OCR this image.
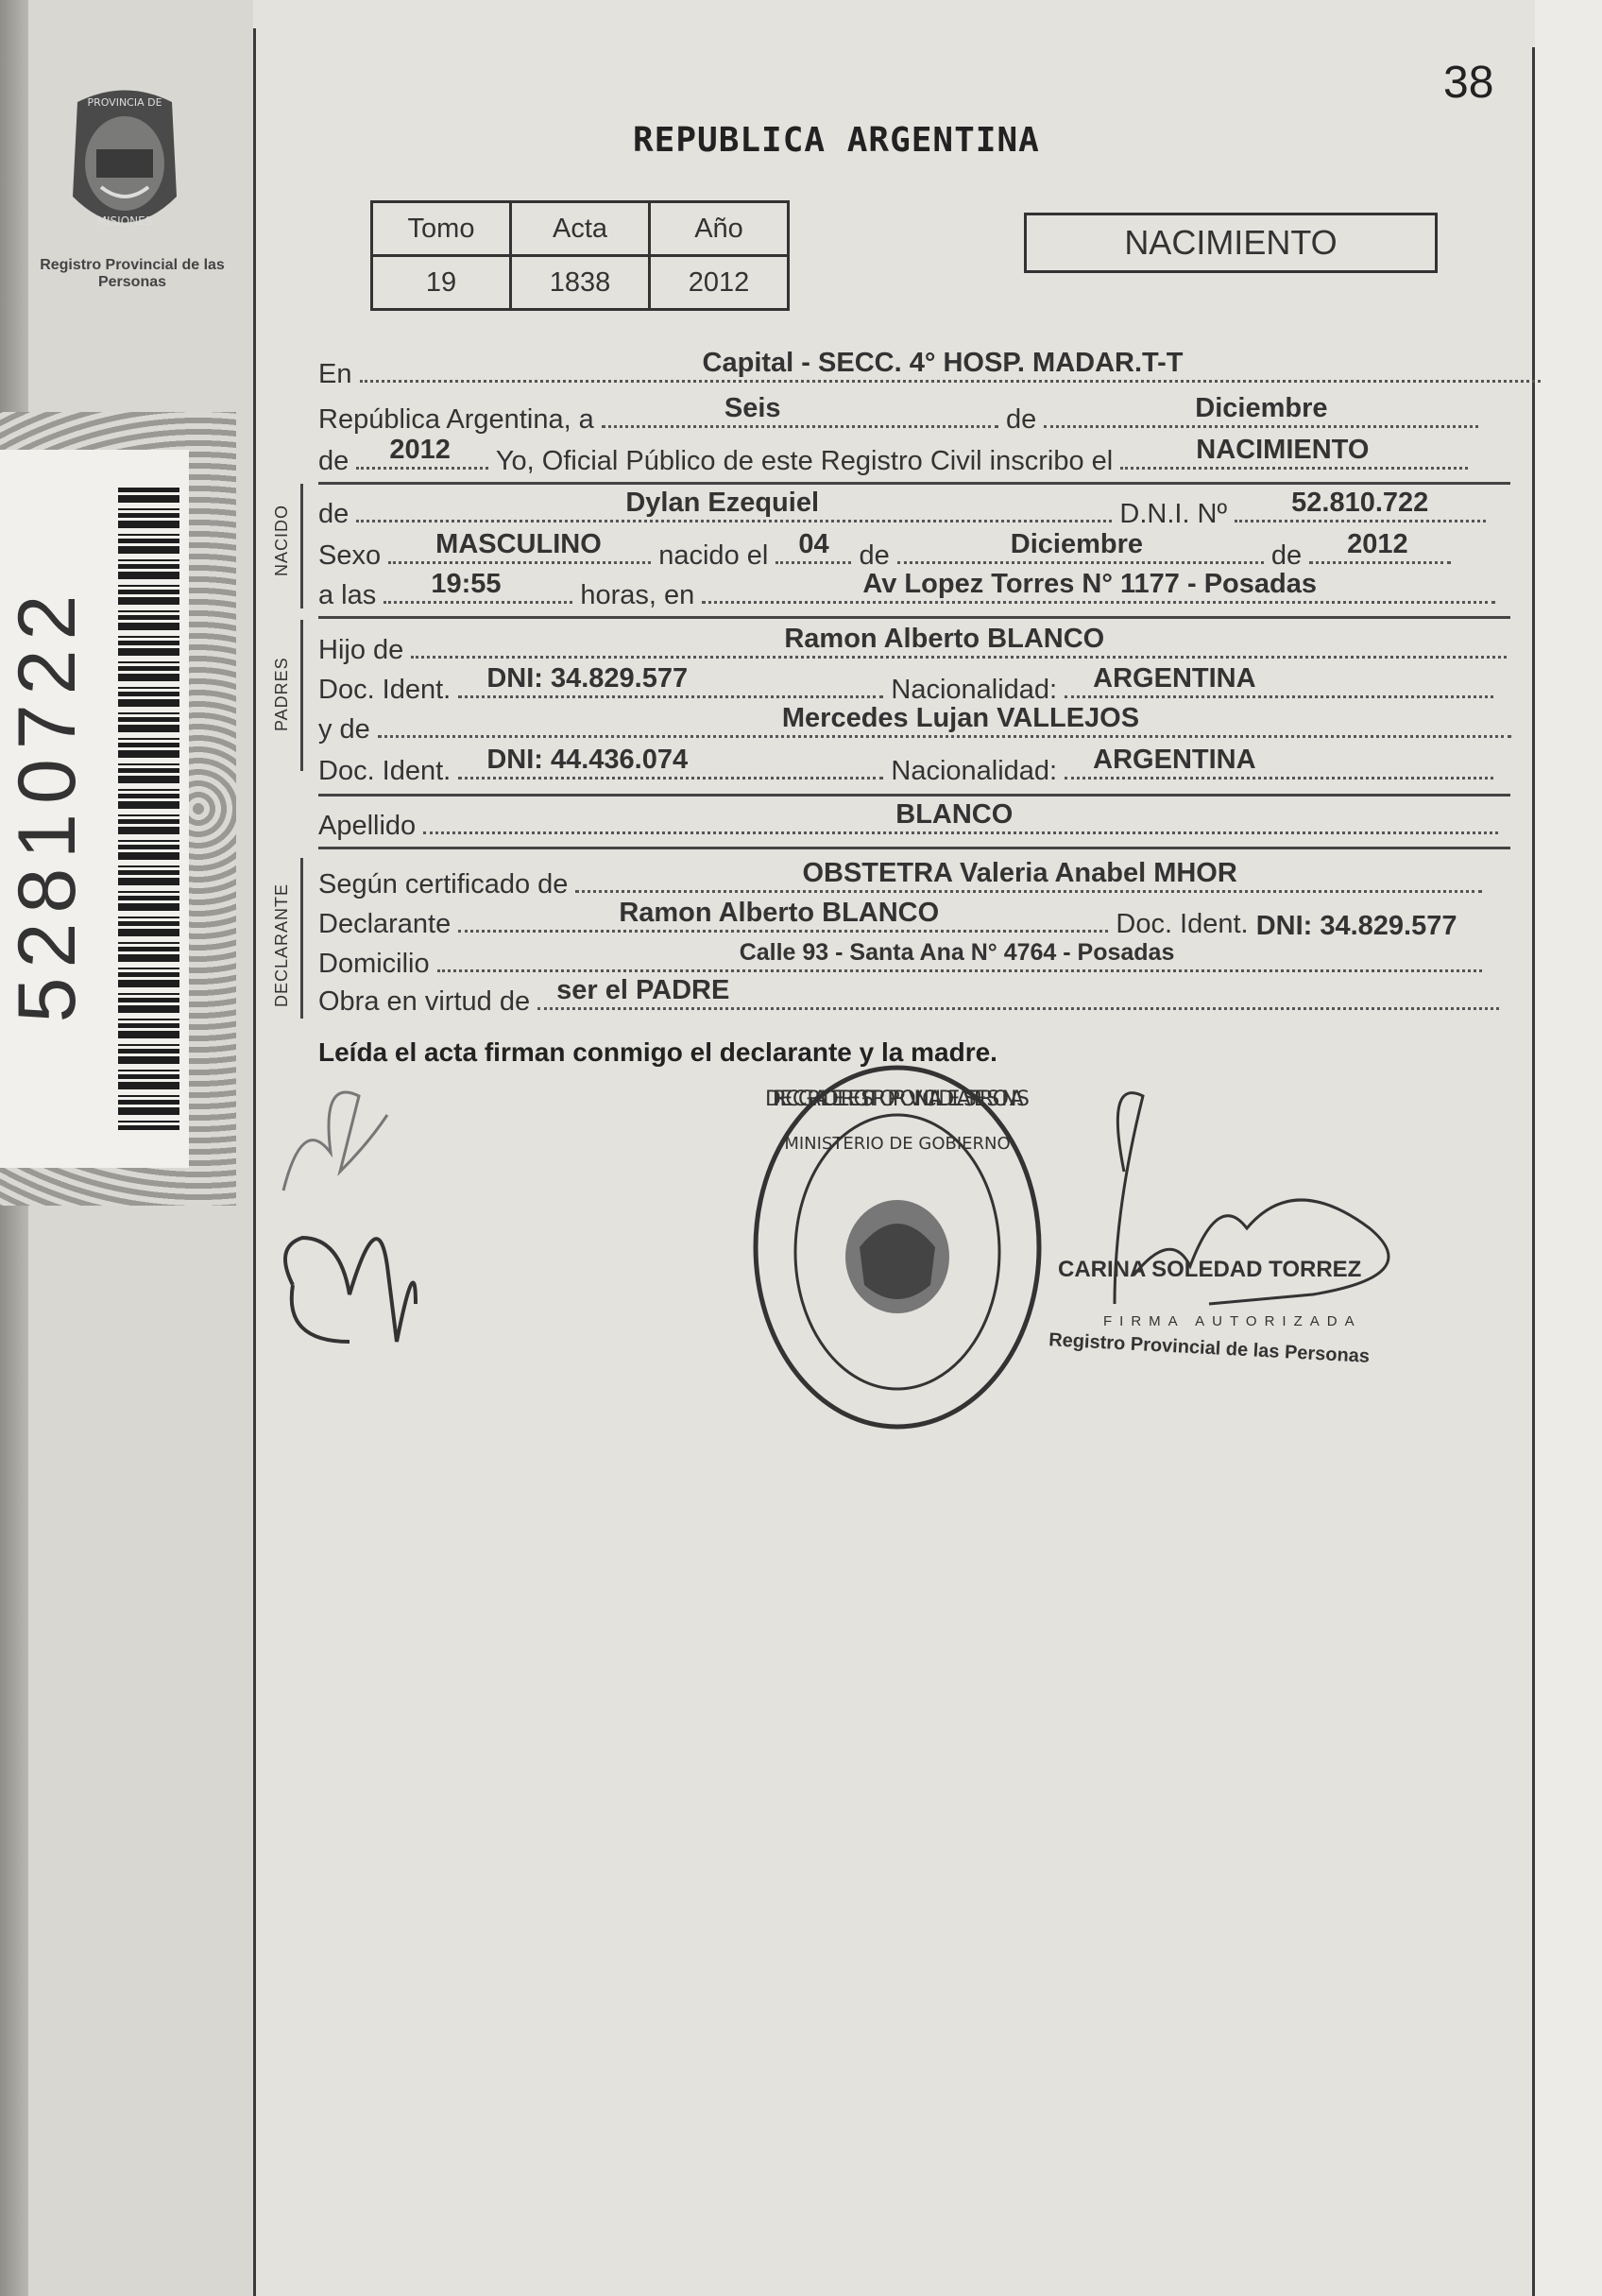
PROVINCIA DE
MISIONES
Registro Provincial de las Personas
52810722
38
REPUBLICA ARGENTINA
Tomo	Acta	Año
19	1838	2012
NACIMIENTO
En	Capital - SECC. 4° HOSP. MADAR.T-T
República Argentina, a	Seis	de	Diciembre
de 2012 Yo, Oficial Público de este Registro Civil inscribo el	NACIMIENTO
NACIDO de	Dylan Ezequiel	D.N.I. Nº 52.810.722
Sexo MASCULINO nacido el 04 de	Diciembre	de 2012
a las 19:55	horas, en	Av Lopez Torres N° 1177 - Posadas
PADRES
Hijo de	Ramon Alberto BLANCO
Doc. Ident. DNI: 34.829.577	Nacionalidad: ARGENTINA
y de	Mercedes Lujan VALLEJOS
Doc. Ident. DNI: 44.436.074	Nacionalidad: ARGENTINA
Apellido	BLANCO
DECLARANTE Según certificado de	OBSTETRA Valeria Anabel MHOR
Declarante	Ramon Alberto BLANCO	Doc. Ident. DNI: 34.829.577
Domicilio	Calle 93 - Santa Ana N° 4764 - Posadas
Obra en virtud de ser el PADRE
Leída el acta firman conmigo el declarante y la madre.
DIRECC. GRAL. DEL REGISTRO PROVINCIAL DE LAS PERSONAS
MINISTERIO DE GOBIERNO
CARINA SOLEDAD TORREZ
FIRMA AUTORIZADA
Registro Provincial de las Personas
